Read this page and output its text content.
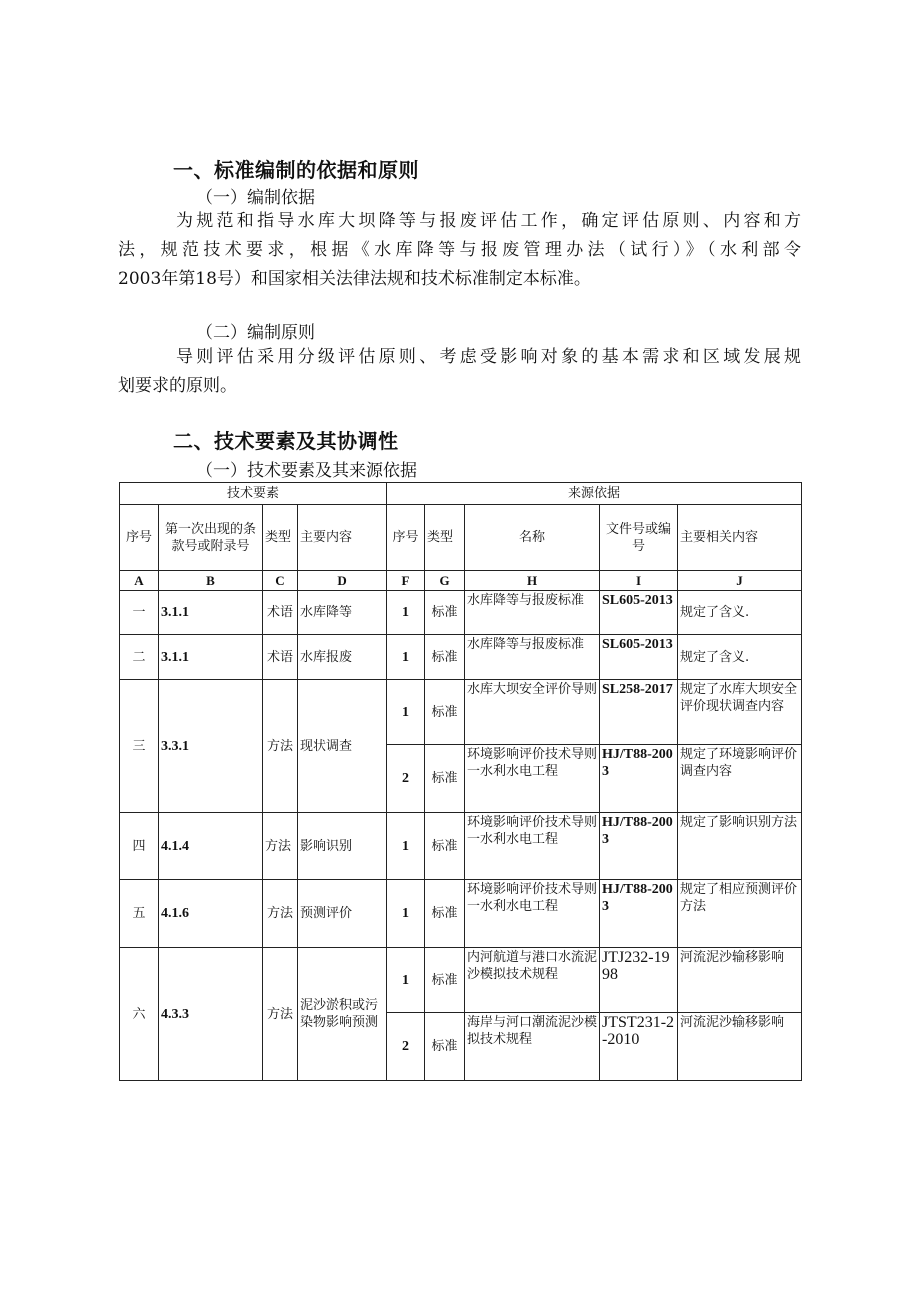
一、标准编制的依据和原则
（一）编制依据
为规范和指导水库大坝降等与报废评估工作，确定评估原则、内容和方
法，规范技术要求，根据《水库降等与报废管理办法（试行）》（水利部令
2003年第18号）和国家相关法律法规和技术标准制定本标准。
（二）编制原则
导则评估采用分级评估原则、考虑受影响对象的基本需求和区域发展规
划要求的原则。
二、技术要素及其协调性
（一）技术要素及其来源依据
技术要素				来源依据				
序号	第一次出现的条款号或附录号	类型	主要内容	序号	类型	名称	文件号或编号	主要相关内容
A	B	C	D	F	G	H	I	J
一	3.1.1	术语	水库降等	1	标准	水库降等与报废标准	SL605-2013	规定了含义.
二	3.1.1	术语	水库报废	1	标准	水库降等与报废标准	SL605-2013	规定了含义.
三	3.3.1	方法	现状调查	1	标准	水库大坝安全评价导则	SL258-2017	规定了水库大坝安全评价现状调查内容
				2	标准	环境影响评价技术导则一水利水电工程	HJ/T88-2003	规定了环境影响评价调查内容
四	4.1.4	方法	影响识别	1	标准	环境影响评价技术导则一水利水电工程	HJ/T88-2003	规定了影响识别方法
五	4.1.6	方法	预测评价	1	标准	环境影响评价技术导则一水利水电工程	HJ/T88-2003	规定了相应预测评价方法
六	4.3.3	方法	泥沙淤积或污染物影响预测	1	标准	内河航道与港口水流泥沙模拟技术规程	JTJ232-1998	河流泥沙输移影响
				2	标准	海岸与河口潮流泥沙模拟技术规程	JTST231-2-2010	河流泥沙输移影响
